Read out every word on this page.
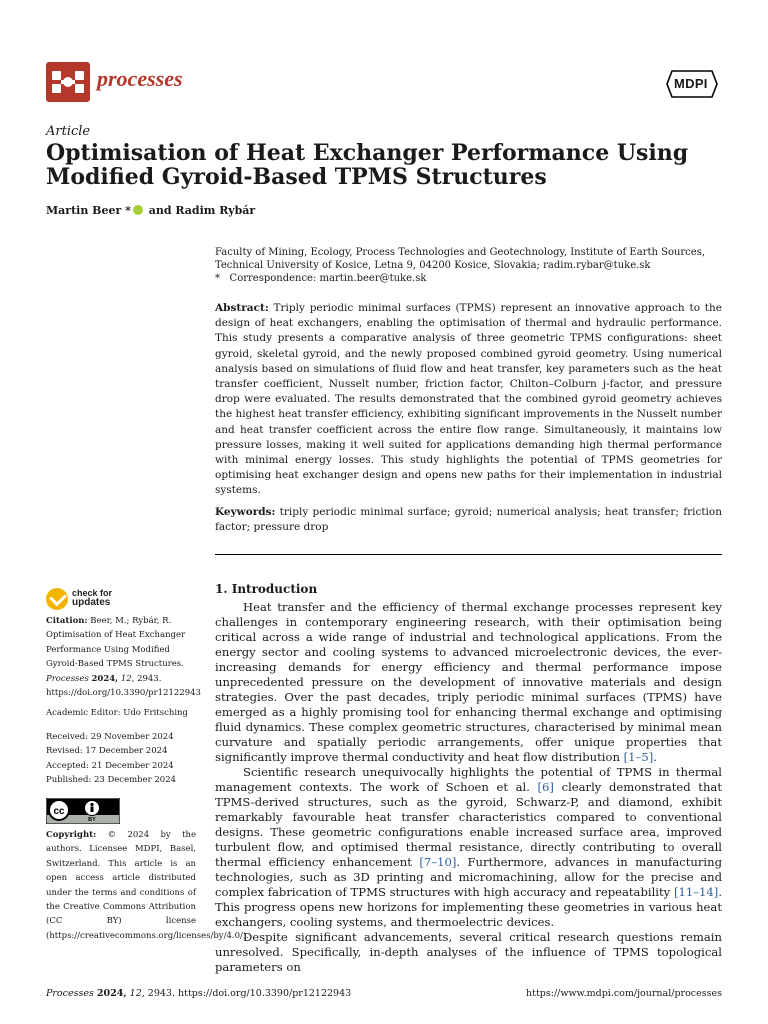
processes	MDPI
Article
Optimisation of Heat Exchanger Performance Using Modified Gyroid-Based TPMS Structures
Martin Beer * and Radim Rybár
Faculty of Mining, Ecology, Process Technologies and Geotechnology, Institute of Earth Sources, Technical University of Kosice, Letna 9, 04200 Kosice, Slovakia; radim.rybar@tuke.sk
* Correspondence: martin.beer@tuke.sk
Abstract: Triply periodic minimal surfaces (TPMS) represent an innovative approach to the design of heat exchangers, enabling the optimisation of thermal and hydraulic performance. This study presents a comparative analysis of three geometric TPMS configurations: sheet gyroid, skeletal gyroid, and the newly proposed combined gyroid geometry. Using numerical analysis based on simulations of fluid flow and heat transfer, key parameters such as the heat transfer coefficient, Nusselt number, friction factor, Chilton–Colburn j-factor, and pressure drop were evaluated. The results demonstrated that the combined gyroid geometry achieves the highest heat transfer efficiency, exhibiting significant improvements in the Nusselt number and heat transfer coefficient across the entire flow range. Simultaneously, it maintains low pressure losses, making it well suited for applications demanding high thermal performance with minimal energy losses. This study highlights the potential of TPMS geometries for optimising heat exchanger design and opens new paths for their implementation in industrial systems.
Keywords: triply periodic minimal surface; gyroid; numerical analysis; heat transfer; friction factor; pressure drop
check for
updates
Citation: Beer, M.; Rybár, R. Optimisation of Heat Exchanger Performance Using Modified Gyroid-Based TPMS Structures. Processes 2024, 12, 2943. https://doi.org/10.3390/pr12122943
Academic Editor: Udo Fritsching
Received: 29 November 2024
Revised: 17 December 2024
Accepted: 21 December 2024
Published: 23 December 2024
cc
BY
Copyright: © 2024 by the authors. Licensee MDPI, Basel, Switzerland. This article is an open access article distributed under the terms and conditions of the Creative Commons Attribution (CC BY) license (https://creativecommons.org/licenses/by/4.0/).
1. Introduction

Heat transfer and the efficiency of thermal exchange processes represent key challenges in contemporary engineering research, with their optimisation being critical across a wide range of industrial and technological applications. From the energy sector and cooling systems to advanced microelectronic devices, the ever-increasing demands for energy efficiency and thermal performance impose unprecedented pressure on the development of innovative materials and design strategies. Over the past decades, triply periodic minimal surfaces (TPMS) have emerged as a highly promising tool for enhancing thermal exchange and optimising fluid dynamics. These complex geometric structures, characterised by minimal mean curvature and spatially periodic arrangements, offer unique properties that significantly improve thermal conductivity and heat flow distribution [1–5].

Scientific research unequivocally highlights the potential of TPMS in thermal management contexts. The work of Schoen et al. [6] clearly demonstrated that TPMS-derived structures, such as the gyroid, Schwarz-P, and diamond, exhibit remarkably favourable heat transfer characteristics compared to conventional designs. These geometric configurations enable increased surface area, improved turbulent flow, and optimised thermal resistance, directly contributing to overall thermal efficiency enhancement [7–10]. Furthermore, advances in manufacturing technologies, such as 3D printing and micromachining, allow for the precise and complex fabrication of TPMS structures with high accuracy and repeatability [11–14]. This progress opens new horizons for implementing these geometries in various heat exchangers, cooling systems, and thermoelectric devices.

Despite significant advancements, several critical research questions remain unresolved. Specifically, in-depth analyses of the influence of TPMS topological parameters on

Processes 2024, 12, 2943. https://doi.org/10.3390/pr12122943	https://www.mdpi.com/journal/processes
